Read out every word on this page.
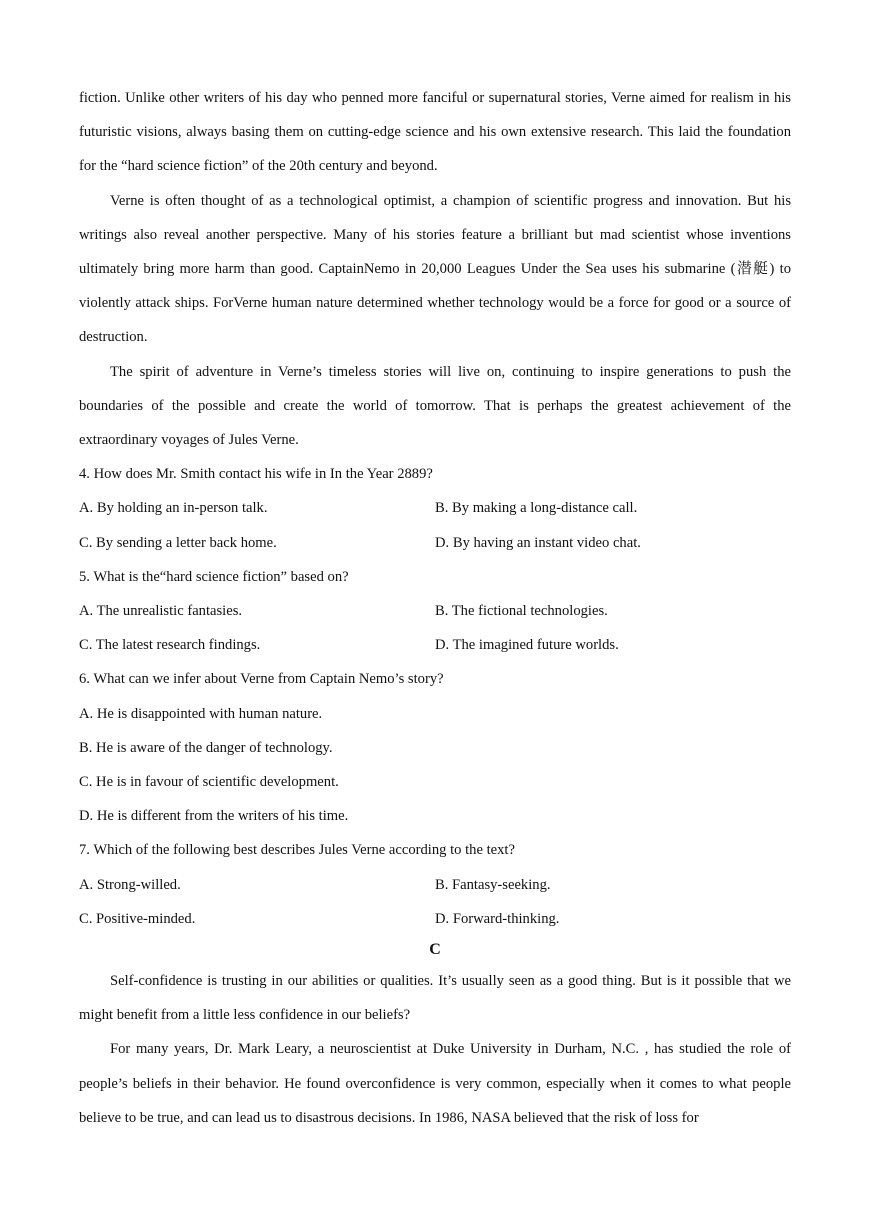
fiction. Unlike other writers of his day who penned more fanciful or supernatural stories, Verne aimed for realism in his futuristic visions, always basing them on cutting-edge science and his own extensive research. This laid the foundation for the “hard science fiction” of the 20th century and beyond.

Verne is often thought of as a technological optimist, a champion of scientific progress and innovation. But his writings also reveal another perspective. Many of his stories feature a brilliant but mad scientist whose inventions ultimately bring more harm than good. CaptainNemo in 20,000 Leagues Under the Sea uses his submarine (潜艇) to violently attack ships. ForVerne human nature determined whether technology would be a force for good or a source of destruction.

The spirit of adventure in Verne’s timeless stories will live on, continuing to inspire generations to push the boundaries of the possible and create the world of tomorrow. That is perhaps the greatest achievement of the extraordinary voyages of Jules Verne.

4. How does Mr. Smith contact his wife in In the Year 2889?
A. By holding an in-person talk.	B. By making a long-distance call.
C. By sending a letter back home.	D. By having an instant video chat.
5. What is the“hard science fiction” based on?
A. The unrealistic fantasies.	B. The fictional technologies.
C. The latest research findings.	D. The imagined future worlds.
6. What can we infer about Verne from Captain Nemo’s story?
A. He is disappointed with human nature.
B. He is aware of the danger of technology.
C. He is in favour of scientific development.
D. He is different from the writers of his time.
7. Which of the following best describes Jules Verne according to the text?
A. Strong-willed.	B. Fantasy-seeking.
C. Positive-minded.	D. Forward-thinking.
C

Self-confidence is trusting in our abilities or qualities. It’s usually seen as a good thing. But is it possible that we might benefit from a little less confidence in our beliefs?

For many years, Dr. Mark Leary, a neuroscientist at Duke University in Durham, N.C. , has studied the role of people’s beliefs in their behavior. He found overconfidence is very common, especially when it comes to what people believe to be true, and can lead us to disastrous decisions. In 1986, NASA believed that the risk of loss for
